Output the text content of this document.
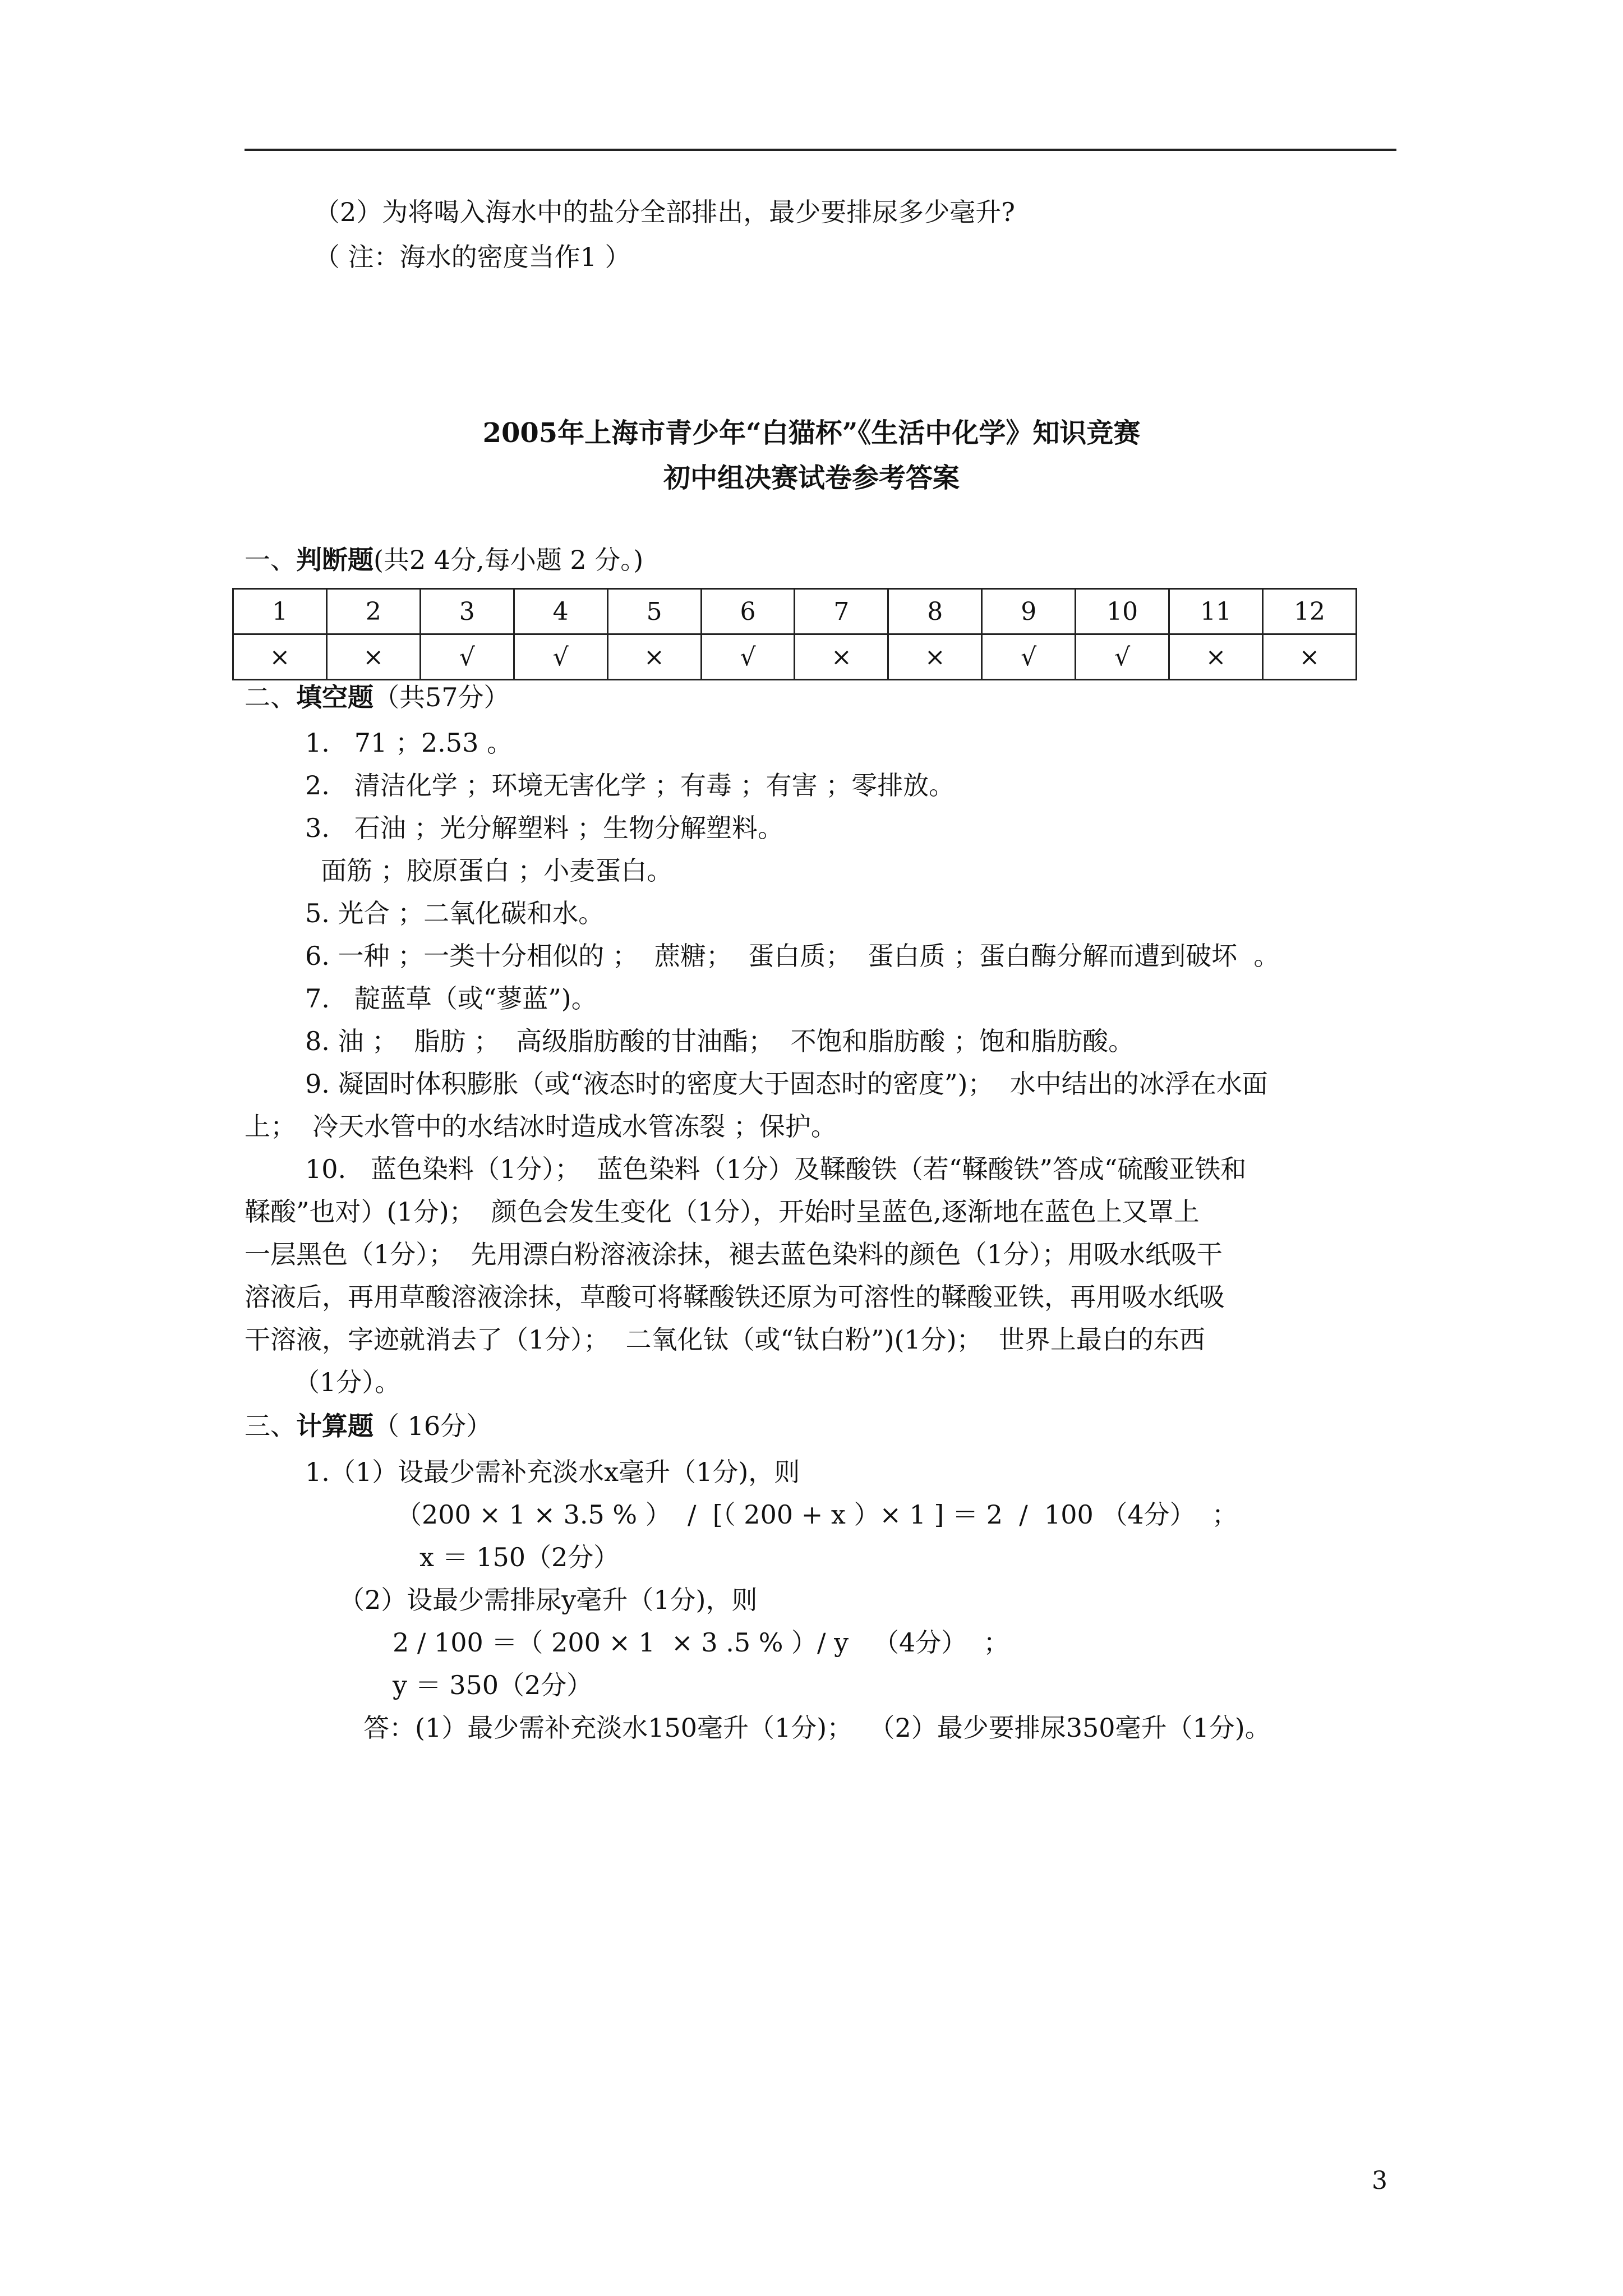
（2）为将喝入海水中的盐分全部排出，最少要排尿多少毫升?
（ 注：海水的密度当作1 ）
2005年上海市青少年“白猫杯”《生活中化学》知识竞赛
初中组决赛试卷参考答案
一、判断题(共2 4分,每小题 2 分。)
1	2	3	4	5	6	7	8	9	10	11	12
×	×	√	√	×	√	×	×	√	√	×	×
二、填空题（共57分）
1.   71 ；2.53 。
2.   清洁化学 ；环境无害化学 ；有毒 ；有害 ；零排放。
3.   石油 ；光分解塑料 ；生物分解塑料。
面筋 ；胶原蛋白 ；小麦蛋白。
5. 光合 ；二氧化碳和水。
6. 一种 ；一类十分相似的 ；  蔗糖；  蛋白质；  蛋白质 ；蛋白酶分解而遭到破坏  。
7.   靛蓝草（或“蓼蓝”)。
8. 油 ；  脂肪 ；  高级脂肪酸的甘油酯；  不饱和脂肪酸 ；饱和脂肪酸。
9. 凝固时体积膨胀（或“液态时的密度大于固态时的密度”)；  水中结出的冰浮在水面
上；  冷天水管中的水结冰时造成水管冻裂 ；保护。
10.   蓝色染料（1分）；  蓝色染料（1分）及鞣酸铁（若“鞣酸铁”答成“硫酸亚铁和
鞣酸”也对）(1分)；  颜色会发生变化（1分），开始时呈蓝色,逐渐地在蓝色上又罩上
一层黑色（1分）；  先用漂白粉溶液涂抹，褪去蓝色染料的颜色（1分）；用吸水纸吸干
溶液后，再用草酸溶液涂抹，草酸可将鞣酸铁还原为可溶性的鞣酸亚铁，再用吸水纸吸
干溶液，字迹就消去了（1分）；  二氧化钛（或“钛白粉”)(1分)；  世界上最白的东西
（1分）。
三、计算题（ 16分）
1.（1）设最少需补充淡水x毫升（1分)，则
（200 × 1 × 3.5 % ）  /  [（ 200 + x ）× 1 ] ＝ 2  /  100 （4分）  ；
x ＝ 150（2分）
（2）设最少需排尿y毫升（1分)，则
2 / 100 ＝（ 200 × 1  × 3 .5 % ）/ y   （4分）  ；
y ＝ 350（2分）
答：(1）最少需补充淡水150毫升（1分)；  （2）最少要排尿350毫升（1分)。
3
